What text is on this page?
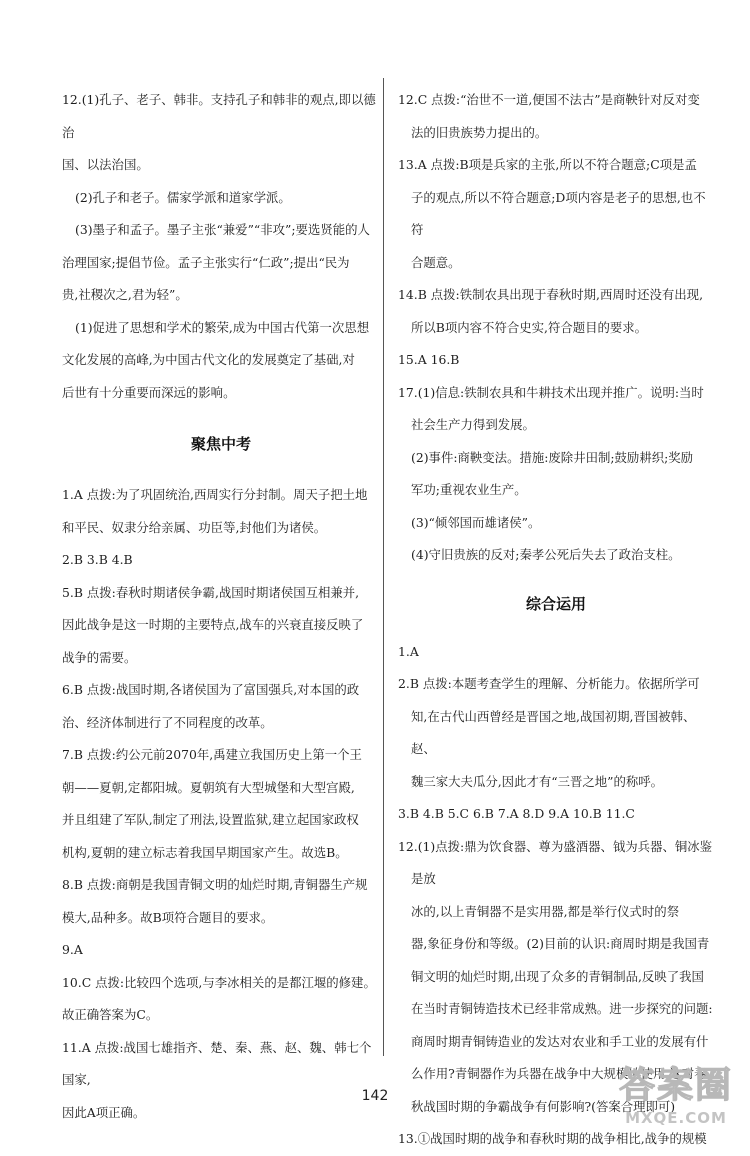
12.(1)孔子、老子、韩非。支持孔子和韩非的观点,即以德治
国、以法治国。

(2)孔子和老子。儒家学派和道家学派。

(3)墨子和孟子。墨子主张“兼爱”“非攻”;要选贤能的人
治理国家;提倡节俭。孟子主张实行“仁政”;提出“民为
贵,社稷次之,君为轻”。

(1)促进了思想和学术的繁荣,成为中国古代第一次思想
文化发展的高峰,为中国古代文化的发展奠定了基础,对
后世有十分重要而深远的影响。

聚焦中考

1.A 点拨:为了巩固统治,西周实行分封制。周天子把土地
和平民、奴隶分给亲属、功臣等,封他们为诸侯。

2.B 3.B 4.B

5.B 点拨:春秋时期诸侯争霸,战国时期诸侯国互相兼并,
因此战争是这一时期的主要特点,战车的兴衰直接反映了
战争的需要。

6.B 点拨:战国时期,各诸侯国为了富国强兵,对本国的政
治、经济体制进行了不同程度的改革。

7.B 点拨:约公元前2070年,禹建立我国历史上第一个王
朝——夏朝,定都阳城。夏朝筑有大型城堡和大型宫殿,
并且组建了军队,制定了刑法,设置监狱,建立起国家政权
机构,夏朝的建立标志着我国早期国家产生。故选B。

8.B 点拨:商朝是我国青铜文明的灿烂时期,青铜器生产规
模大,品种多。故B项符合题目的要求。

9.A

10.C 点拨:比较四个选项,与李冰相关的是都江堰的修建。
故正确答案为C。

11.A 点拨:战国七雄指齐、楚、秦、燕、赵、魏、韩七个国家,
因此A项正确。

12.C 点拨:“治世不一道,便国不法古”是商鞅针对反对变
法的旧贵族势力提出的。

13.A 点拨:B项是兵家的主张,所以不符合题意;C项是孟
子的观点,所以不符合题意;D项内容是老子的思想,也不符
合题意。

14.B 点拨:铁制农具出现于春秋时期,西周时还没有出现,
所以B项内容不符合史实,符合题目的要求。

15.A 16.B

17.(1)信息:铁制农具和牛耕技术出现并推广。说明:当时
社会生产力得到发展。

(2)事件:商鞅变法。措施:废除井田制;鼓励耕织;奖励
军功;重视农业生产。

(3)“倾邻国而雄诸侯”。

(4)守旧贵族的反对;秦孝公死后失去了政治支柱。

综合运用

1.A

2.B 点拨:本题考查学生的理解、分析能力。依据所学可
知,在古代山西曾经是晋国之地,战国初期,晋国被韩、赵、
魏三家大夫瓜分,因此才有“三晋之地”的称呼。

3.B 4.B 5.C 6.B 7.A 8.D 9.A 10.B 11.C

12.(1)点拨:鼎为饮食器、尊为盛酒器、钺为兵器、铜冰鉴是放
冰的,以上青铜器不是实用器,都是举行仪式时的祭
器,象征身份和等级。(2)目前的认识:商周时期是我国青
铜文明的灿烂时期,出现了众多的青铜制品,反映了我国
在当时青铜铸造技术已经非常成熟。进一步探究的问题:
商周时期青铜铸造业的发达对农业和手工业的发展有什
么作用?青铜器作为兵器在战争中大规模地使用,这对春
秋战国时期的争霸战争有何影响?(答案合理即可)

13.①战国时期的战争和春秋时期的战争相比,战争的规模

142	答案圈
MXQE.COM
